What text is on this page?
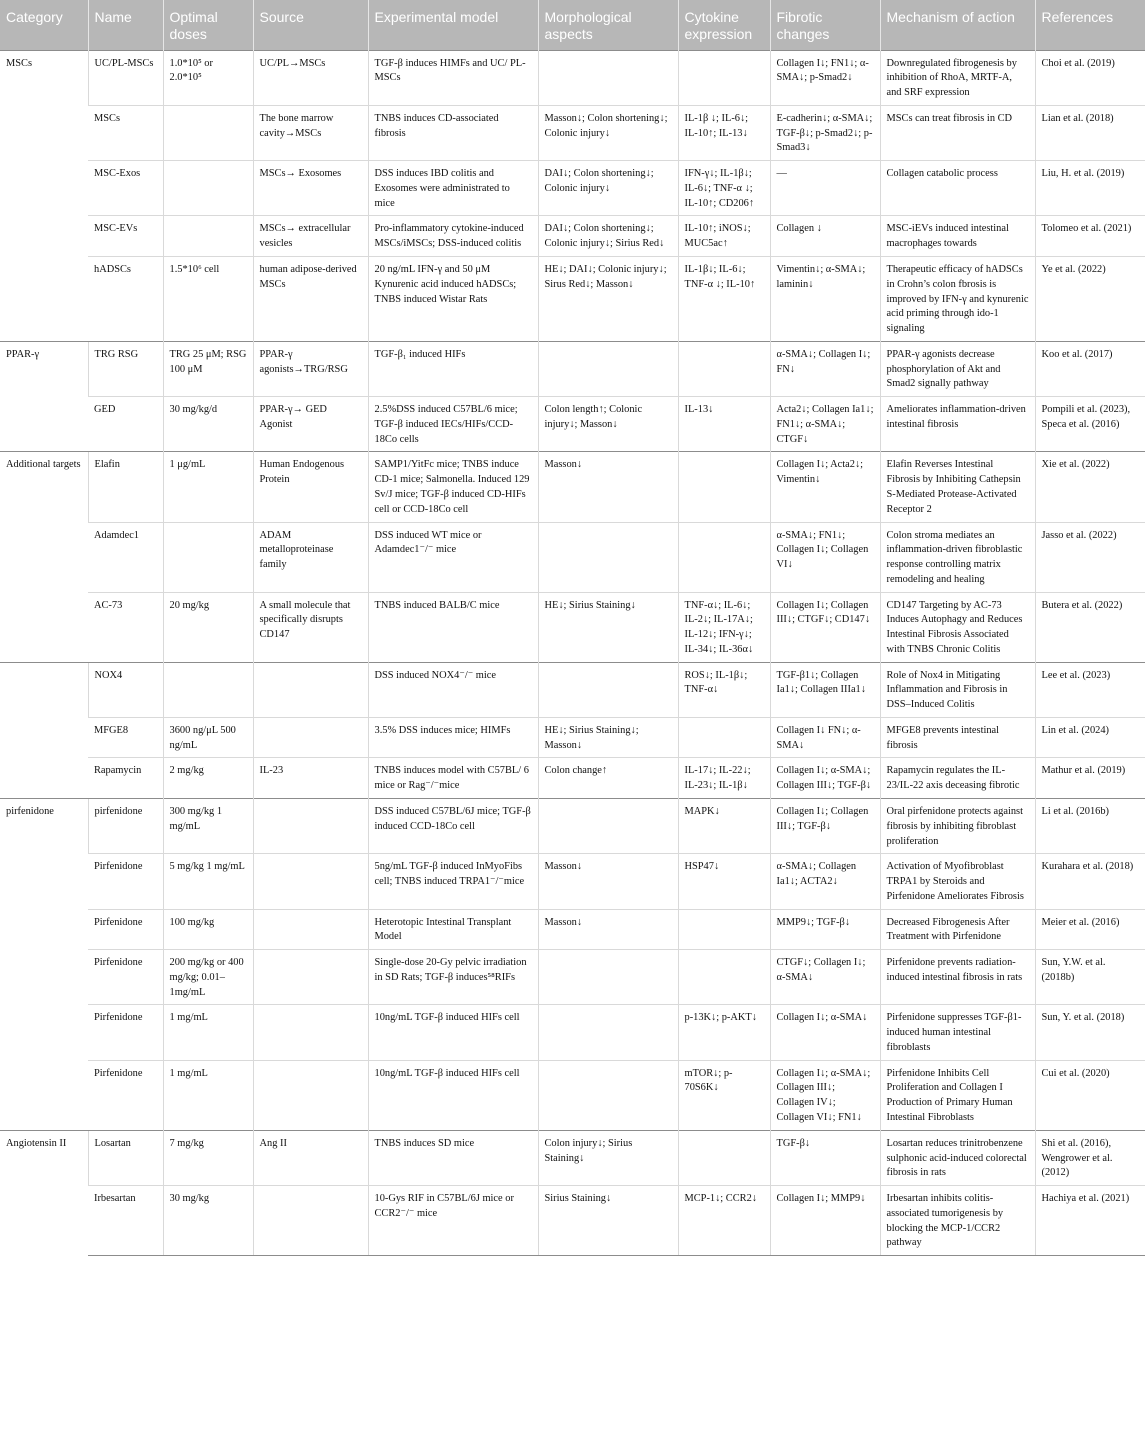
Category	Name	Optimal doses	Source	Experimental model	Morphological aspects	Cytokine expression	Fibrotic changes	Mechanism of action	References
MSCs	UC/PL-MSCs	1.0*10⁵ or 2.0*10⁵	UC/PL→MSCs	TGF-β induces HIMFs and UC/ PL-MSCs			Collagen I↓; FN1↓; α-SMA↓; p-Smad2↓	Downregulated fibrogenesis by inhibition of RhoA, MRTF-A, and SRF expression	Choi et al. (2019)
	MSCs		The bone marrow cavity→MSCs	TNBS induces CD-associated fibrosis	Masson↓; Colon shortening↓; Colonic injury↓	IL-1β ↓; IL-6↓; IL-10↑; IL-13↓	E-cadherin↓; α-SMA↓; TGF-β↓; p-Smad2↓; p-Smad3↓	MSCs can treat fibrosis in CD	Lian et al. (2018)
	MSC-Exos		MSCs→ Exosomes	DSS induces IBD colitis and Exosomes were administrated to mice	DAI↓; Colon shortening↓; Colonic injury↓	IFN-γ↓; IL-1β↓; IL-6↓; TNF-α ↓; IL-10↑; CD206↑	—	Collagen catabolic process	Liu, H. et al. (2019)
	MSC-EVs		MSCs→ extracellular vesicles	Pro-inflammatory cytokine-induced MSCs/iMSCs; DSS-induced colitis	DAI↓; Colon shortening↓; Colonic injury↓; Sirius Red↓	IL-10↑; iNOS↓; MUC5ac↑	Collagen ↓	MSC-iEVs induced intestinal macrophages towards	Tolomeo et al. (2021)
	hADSCs	1.5*10⁶ cell	human adipose-derived MSCs	20 ng/mL IFN-γ and 50 μM Kynurenic acid induced hADSCs; TNBS induced Wistar Rats	HE↓; DAI↓; Colonic injury↓; Sirus Red↓; Masson↓	IL-1β↓; IL-6↓; TNF-α ↓; IL-10↑	Vimentin↓; α-SMA↓; laminin↓	Therapeutic efficacy of hADSCs in Crohn’s colon fbrosis is improved by IFN-γ and kynurenic acid priming through ido-1 signaling	Ye et al. (2022)
PPAR-γ	TRG RSG	TRG 25 μM; RSG 100 μM	PPAR-γ agonists→TRG/RSG	TGF-β₁ induced HIFs			α-SMA↓; Collagen I↓; FN↓	PPAR-γ agonists decrease phosphorylation of Akt and Smad2 signally pathway	Koo et al. (2017)
	GED	30 mg/kg/d	PPAR-γ→ GED Agonist	2.5%DSS induced C57BL/6 mice; TGF-β induced IECs/HIFs/CCD-18Co cells	Colon length↑; Colonic injury↓; Masson↓	IL-13↓	Acta2↓; Collagen Ia1↓; FN1↓; α-SMA↓; CTGF↓	Ameliorates inflammation-driven intestinal fibrosis	Pompili et al. (2023), Speca et al. (2016)
Additional targets	Elafin	1 μg/mL	Human Endogenous Protein	SAMP1/YitFc mice; TNBS induce CD-1 mice; Salmonella. Induced 129 Sv/J mice; TGF-β induced CD-HIFs cell or CCD-18Co cell	Masson↓		Collagen I↓; Acta2↓; Vimentin↓	Elafin Reverses Intestinal Fibrosis by Inhibiting Cathepsin S-Mediated Protease-Activated Receptor 2	Xie et al. (2022)
	Adamdec1		ADAM metalloproteinase family	DSS induced WT mice or Adamdec1⁻/⁻ mice			α-SMA↓; FN1↓; Collagen I↓; Collagen VI↓	Colon stroma mediates an inflammation-driven fibroblastic response controlling matrix remodeling and healing	Jasso et al. (2022)
	AC-73	20 mg/kg	A small molecule that specifically disrupts CD147	TNBS induced BALB/C mice	HE↓; Sirius Staining↓	TNF-α↓; IL-6↓; IL-2↓; IL-17A↓; IL-12↓; IFN-γ↓; IL-34↓; IL-36α↓	Collagen I↓; Collagen III↓; CTGF↓; CD147↓	CD147 Targeting by AC-73 Induces Autophagy and Reduces Intestinal Fibrosis Associated with TNBS Chronic Colitis	Butera et al. (2022)
	NOX4			DSS induced NOX4⁻/⁻ mice		ROS↓; IL-1β↓; TNF-α↓	TGF-β1↓; Collagen Ia1↓; Collagen IIIa1↓	Role of Nox4 in Mitigating Inflammation and Fibrosis in DSS–Induced Colitis	Lee et al. (2023)
	MFGE8	3600 ng/μL 500 ng/mL		3.5% DSS induces mice; HIMFs	HE↓; Sirius Staining↓; Masson↓		Collagen I↓ FN↓; α-SMA↓	MFGE8 prevents intestinal fibrosis	Lin et al. (2024)
	Rapamycin	2 mg/kg	IL-23	TNBS induces model with C57BL/ 6 mice or Rag⁻/⁻mice	Colon change↑	IL-17↓; IL-22↓; IL-23↓; IL-1β↓	Collagen I↓; α-SMA↓; Collagen III↓; TGF-β↓	Rapamycin regulates the IL-23/IL-22 axis deceasing fibrotic	Mathur et al. (2019)
pirfenidone	pirfenidone	300 mg/kg 1 mg/mL		DSS induced C57BL/6J mice; TGF-β induced CCD-18Co cell		MAPK↓	Collagen I↓; Collagen III↓; TGF-β↓	Oral pirfenidone protects against fibrosis by inhibiting fibroblast proliferation	Li et al. (2016b)
	Pirfenidone	5 mg/kg 1 mg/mL		5ng/mL TGF-β induced InMyoFibs cell; TNBS induced TRPA1⁻/⁻mice	Masson↓	HSP47↓	α-SMA↓; Collagen Ia1↓; ACTA2↓	Activation of Myofibroblast TRPA1 by Steroids and Pirfenidone Ameliorates Fibrosis	Kurahara et al. (2018)
	Pirfenidone	100 mg/kg		Heterotopic Intestinal Transplant Model	Masson↓		MMP9↓; TGF-β↓	Decreased Fibrogenesis After Treatment with Pirfenidone	Meier et al. (2016)
	Pirfenidone	200 mg/kg or 400 mg/kg; 0.01–1mg/mL		Single-dose 20-Gy pelvic irradiation in SD Rats; TGF-β induces⁵⁸RIFs			CTGF↓; Collagen I↓; α-SMA↓	Pirfenidone prevents radiation-induced intestinal fibrosis in rats	Sun, Y.W. et al. (2018b)
	Pirfenidone	1 mg/mL		10ng/mL TGF-β induced HIFs cell		p-13K↓; p-AKT↓	Collagen I↓; α-SMA↓	Pirfenidone suppresses TGF-β1-induced human intestinal fibroblasts	Sun, Y. et al. (2018)
	Pirfenidone	1 mg/mL		10ng/mL TGF-β induced HIFs cell		mTOR↓; p-70S6K↓	Collagen I↓; α-SMA↓; Collagen III↓; Collagen IV↓; Collagen VI↓; FN1↓	Pirfenidone Inhibits Cell Proliferation and Collagen I Production of Primary Human Intestinal Fibroblasts	Cui et al. (2020)
Angiotensin II	Losartan	7 mg/kg	Ang II	TNBS induces SD mice	Colon injury↓; Sirius Staining↓		TGF-β↓	Losartan reduces trinitrobenzene sulphonic acid-induced colorectal fibrosis in rats	Shi et al. (2016), Wengrower et al. (2012)
	Irbesartan	30 mg/kg		10-Gys RIF in C57BL/6J mice or CCR2⁻/⁻ mice	Sirius Staining↓	MCP-1↓; CCR2↓	Collagen I↓; MMP9↓	Irbesartan inhibits colitis-associated tumorigenesis by blocking the MCP-1/CCR2 pathway	Hachiya et al. (2021)
